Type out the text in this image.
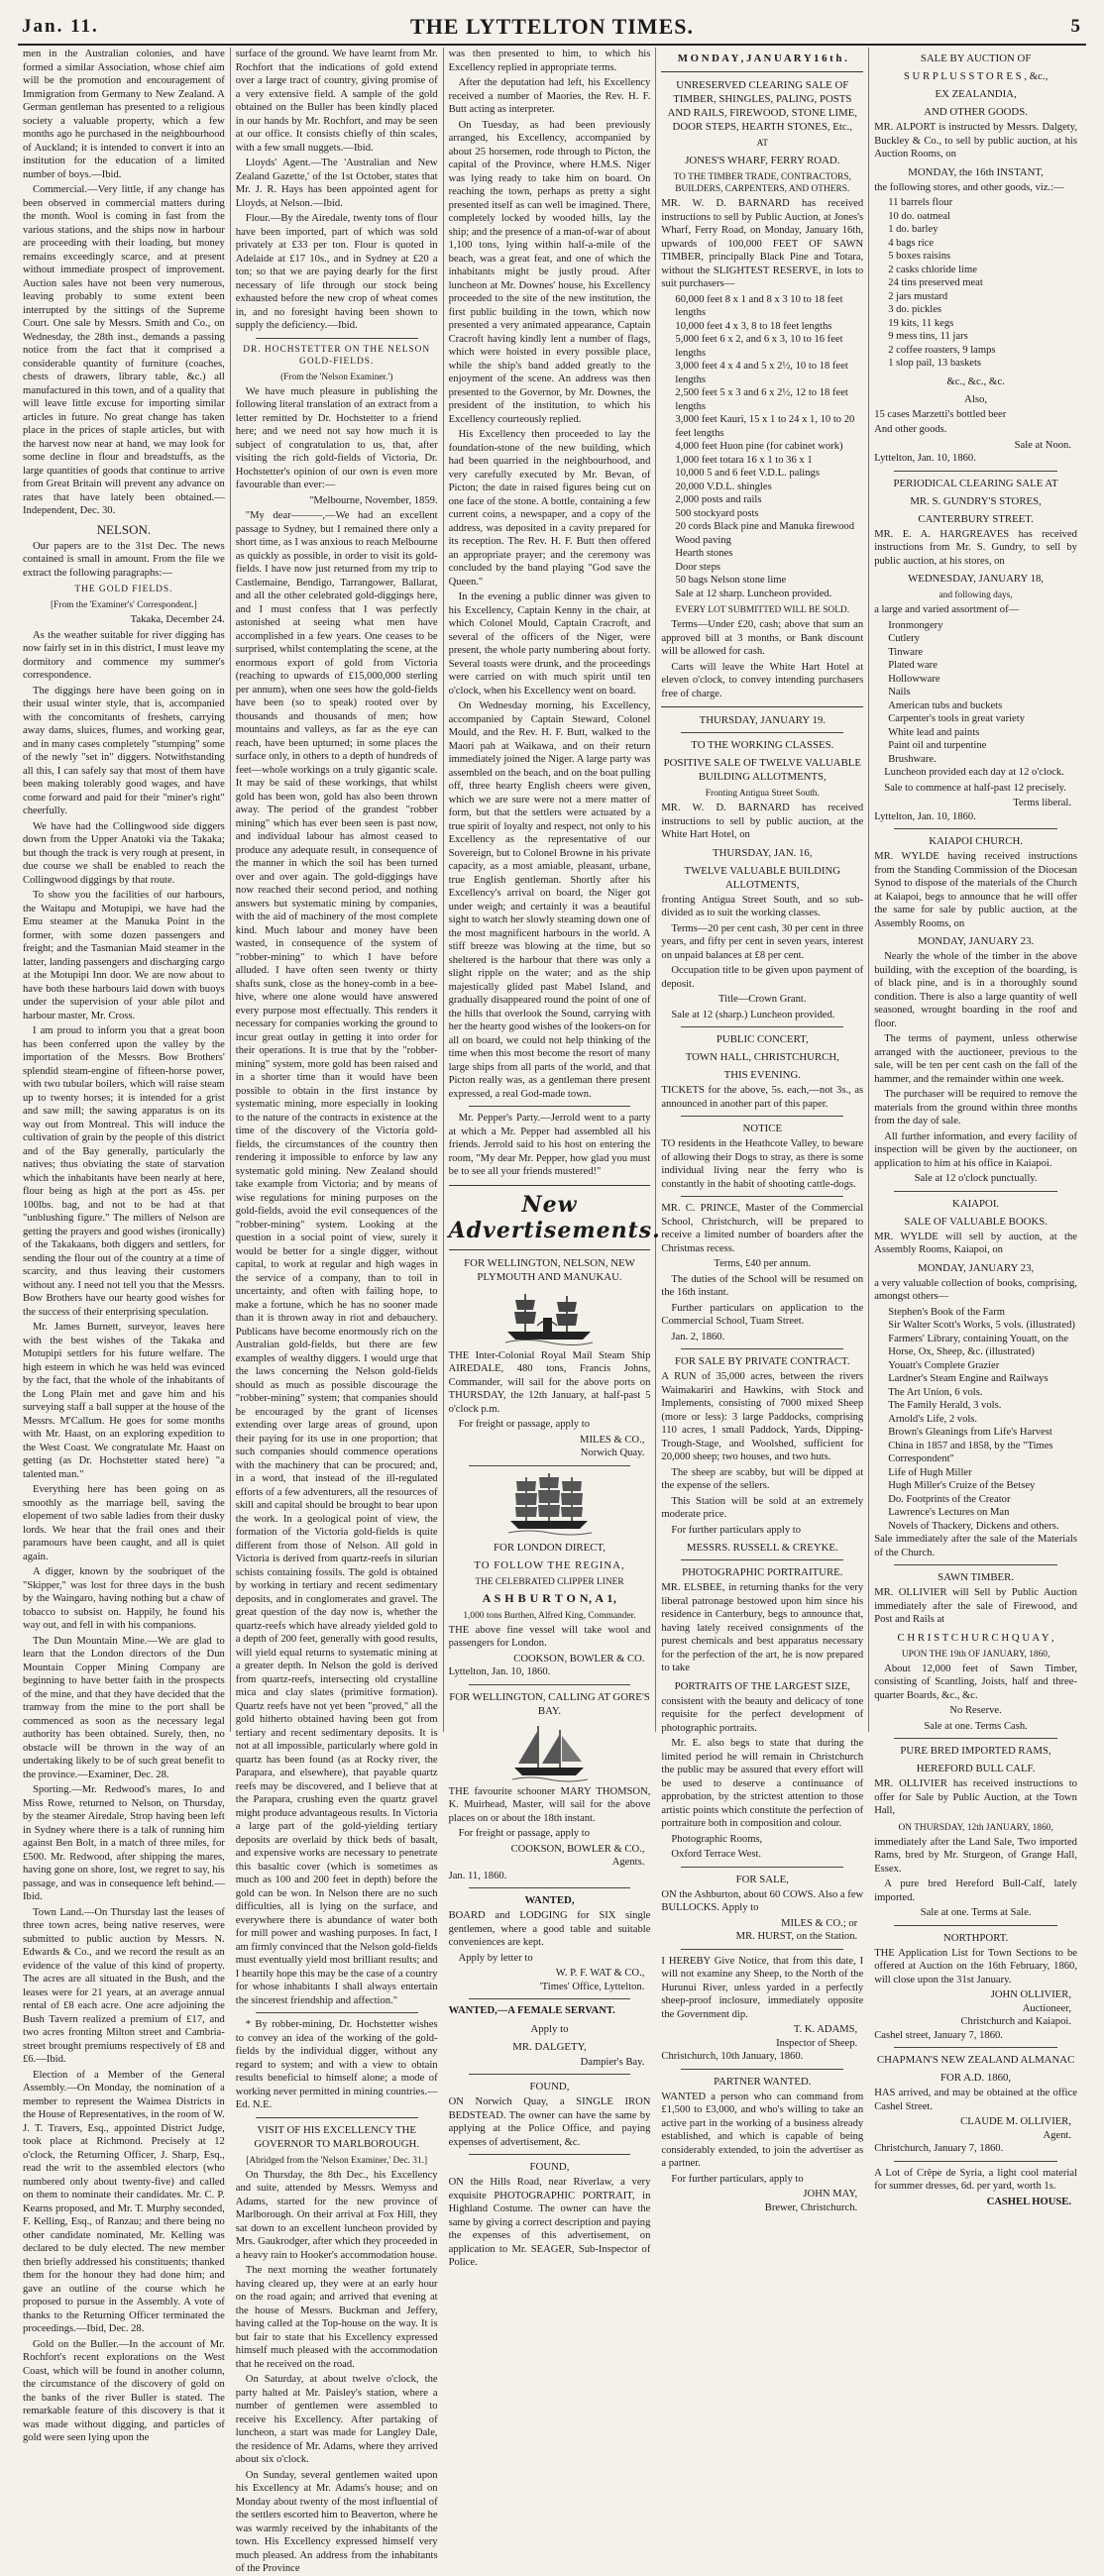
Jan. 11.	THE LYTTELTON TIMES.	5

men in the Australian colonies, and have formed a similar Association, whose chief aim will be the promotion and encouragement of Immigration from Germany to New Zealand. A German gentleman has presented to a religious society a valuable property, which a few months ago he purchased in the neighbourhood of Auckland; it is intended to convert it into an institution for the education of a limited number of boys.—Ibid.

Commercial.—Very little, if any change has been observed in commercial matters during the month. Wool is coming in fast from the various stations, and the ships now in harbour are proceeding with their loading, but money remains exceedingly scarce, and at present without immediate prospect of improvement. Auction sales have not been very numerous, leaving probably to some extent been interrupted by the sittings of the Supreme Court. One sale by Messrs. Smith and Co., on Wednesday, the 28th inst., demands a passing notice from the fact that it comprised a considerable quantity of furniture (coaches, chests of drawers, library table, &c.) all manufactured in this town, and of a quality that will leave little excuse for importing similar articles in future. No great change has taken place in the prices of staple articles, but with the harvest now near at hand, we may look for some decline in flour and breadstuffs, as the large quantities of goods that continue to arrive from Great Britain will prevent any advance on rates that have lately been obtained.—Independent, Dec. 30.

NELSON.

Our papers are to the 31st Dec. The news contained is small in amount. From the file we extract the following paragraphs:—

THE GOLD FIELDS.
[From the 'Examiner's' Correspondent.]

Takaka, December 24.

As the weather suitable for river digging has now fairly set in in this district, I must leave my dormitory and commence my summer's correspondence.

The diggings here have been going on in their usual winter style, that is, accompanied with the concomitants of freshets, carrying away dams, sluices, flumes, and working gear, and in many cases completely "stumping" some of the newly "set in" diggers. Notwithstanding all this, I can safely say that most of them have been making tolerably good wages, and have come forward and paid for their "miner's right" cheerfully.

We have had the Collingwood side diggers down from the Upper Anatoki via the Takaka; but though the track is very rough at present, in due course we shall be enabled to reach the Collingwood diggings by that route.

To show you the facilities of our harbours, the Waitapu and Motupipi, we have had the Emu steamer at the Manuka Point in the former, with some dozen passengers and freight; and the Tasmanian Maid steamer in the latter, landing passengers and discharging cargo at the Motupipi Inn door. We are now about to have both these harbours laid down with buoys under the supervision of your able pilot and harbour master, Mr. Cross.

I am proud to inform you that a great boon has been conferred upon the valley by the importation of the Messrs. Bow Brothers' splendid steam-engine of fifteen-horse power, with two tubular boilers, which will raise steam up to twenty horses; it is intended for a grist and saw mill; the sawing apparatus is on its way out from Montreal. This will induce the cultivation of grain by the people of this district and of the Bay generally, particularly the natives; thus obviating the state of starvation which the inhabitants have been nearly at here, flour being as high at the port as 45s. per 100lbs. bag, and not to be had at that "unblushing figure." The millers of Nelson are getting the prayers and good wishes (ironically) of the Takakaans, both diggers and settlers, for sending the flour out of the country at a time of scarcity, and thus leaving their customers without any. I need not tell you that the Messrs. Bow Brothers have our hearty good wishes for the success of their enterprising speculation.

Mr. James Burnett, surveyor, leaves here with the best wishes of the Takaka and Motupipi settlers for his future welfare. The high esteem in which he was held was evinced by the fact, that the whole of the inhabitants of the Long Plain met and gave him and his surveying staff a ball supper at the house of the Messrs. M'Callum. He goes for some months with Mr. Haast, on an exploring expedition to the West Coast. We congratulate Mr. Haast on getting (as Dr. Hochstetter stated here) "a talented man."

Everything here has been going on as smoothly as the marriage bell, saving the elopement of two sable ladies from their dusky lords. We hear that the frail ones and their paramours have been caught, and all is quiet again.

A digger, known by the soubriquet of the "Skipper," was lost for three days in the bush by the Waingaro, having nothing but a chaw of tobacco to subsist on. Happily, he found his way out, and fell in with his companions.

The Dun Mountain Mine.—We are glad to learn that the London directors of the Dun Mountain Copper Mining Company are beginning to have better faith in the prospects of the mine, and that they have decided that the tramway from the mine to the port shall be commenced as soon as the necessary legal authority has been obtained. Surely, then, no obstacle will be thrown in the way of an undertaking likely to be of such great benefit to the province.—Examiner, Dec. 28.

Sporting.—Mr. Redwood's mares, Io and Miss Rowe, returned to Nelson, on Thursday, by the steamer Airedale, Strop having been left in Sydney where there is a talk of running him against Ben Bolt, in a match of three miles, for £500. Mr. Redwood, after shipping the mares, having gone on shore, lost, we regret to say, his passage, and was in consequence left behind.—Ibid.

Town Land.—On Thursday last the leases of three town acres, being native reserves, were submitted to public auction by Messrs. N. Edwards & Co., and we record the result as an evidence of the value of this kind of property. The acres are all situated in the Bush, and the leases were for 21 years, at an average annual rental of £8 each acre. One acre adjoining the Bush Tavern realized a premium of £17, and two acres fronting Milton street and Cambria-street brought premiums respectively of £8 and £6.—Ibid.

Election of a Member of the General Assembly.—On Monday, the nomination of a member to represent the Waimea Districts in the House of Representatives, in the room of W. J. T. Travers, Esq., appointed District Judge, took place at Richmond. Precisely at 12 o'clock, the Returning Officer, J. Sharp, Esq., read the writ to the assembled electors (who numbered only about twenty-five) and called on them to nominate their candidates. Mr. C. P. Kearns proposed, and Mr. T. Murphy seconded, F. Kelling, Esq., of Ranzau; and there being no other candidate nominated, Mr. Kelling was declared to be duly elected. The new member then briefly addressed his constituents; thanked them for the honour they had done him; and gave an outline of the course which he proposed to pursue in the Assembly. A vote of thanks to the Returning Officer terminated the proceedings.—Ibid, Dec. 28.

Gold on the Buller.—In the account of Mr. Rochfort's recent explorations on the West Coast, which will be found in another column, the circumstance of the discovery of gold on the banks of the river Buller is stated. The remarkable feature of this discovery is that it was made without digging, and particles of gold were seen lying upon the

surface of the ground. We have learnt from Mr. Rochfort that the indications of gold extend over a large tract of country, giving promise of a very extensive field. A sample of the gold obtained on the Buller has been kindly placed in our hands by Mr. Rochfort, and may be seen at our office. It consists chiefly of thin scales, with a few small nuggets.—Ibid.

Lloyds' Agent.—The 'Australian and New Zealand Gazette,' of the 1st October, states that Mr. J. R. Hays has been appointed agent for Lloyds, at Nelson.—Ibid.

Flour.—By the Airedale, twenty tons of flour have been imported, part of which was sold privately at £33 per ton. Flour is quoted in Adelaide at £17 10s., and in Sydney at £20 a ton; so that we are paying dearly for the first necessary of life through our stock being exhausted before the new crop of wheat comes in, and no foresight having been shown to supply the deficiency.—Ibid.

DR. HOCHSTETTER ON THE NELSON GOLD-FIELDS.
(From the 'Nelson Examiner.')

We have much pleasure in publishing the following literal translation of an extract from a letter remitted by Dr. Hochstetter to a friend here; and we need not say how much it is subject of congratulation to us, that, after visiting the rich gold-fields of Victoria, Dr. Hochstetter's opinion of our own is even more favourable than ever:—

"Melbourne, November, 1859.

"My dear———,—We had an excellent passage to Sydney, but I remained there only a short time, as I was anxious to reach Melbourne as quickly as possible, in order to visit its gold-fields. I have now just returned from my trip to Castlemaine, Bendigo, Tarrangower, Ballarat, and all the other celebrated gold-diggings here, and I must confess that I was perfectly astonished at seeing what men have accomplished in a few years. One ceases to be surprised, whilst contemplating the scene, at the enormous export of gold from Victoria (reaching to upwards of £15,000,000 sterling per annum), when one sees how the gold-fields have been (so to speak) rooted over by thousands and thousands of men; how mountains and valleys, as far as the eye can reach, have been upturned; in some places the surface only, in others to a depth of hundreds of feet—whole workings on a truly gigantic scale. It may be said of these workings, that whilst gold has been won, gold has also been thrown away. The period of the grandest "robber mining" which has ever been seen is past now, and individual labour has almost ceased to produce any adequate result, in consequence of the manner in which the soil has been turned over and over again. The gold-diggings have now reached their second period, and nothing answers but systematic mining by companies, with the aid of machinery of the most complete kind. Much labour and money have been wasted, in consequence of the system of "robber-mining" to which I have before alluded. I have often seen twenty or thirty shafts sunk, close as the honey-comb in a bee-hive, where one alone would have answered every purpose most effectually. This renders it necessary for companies working the ground to incur great outlay in getting it into order for their operations. It is true that by the "robber-mining" system, more gold has been raised and in a shorter time than it would have been possible to obtain in the first instance by systematic mining, more especially in looking to the nature of the contracts in existence at the time of the discovery of the Victoria gold-fields, the circumstances of the country then rendering it impossible to enforce by law any systematic gold mining. New Zealand should take example from Victoria; and by means of wise regulations for mining purposes on the gold-fields, avoid the evil consequences of the "robber-mining" system. Looking at the question in a social point of view, surely it would be better for a single digger, without capital, to work at regular and high wages in the service of a company, than to toil in uncertainty, and often with failing hope, to make a fortune, which he has no sooner made than it is thrown away in riot and debauchery. Publicans have become enormously rich on the Australian gold-fields, but there are few examples of wealthy diggers. I would urge that the laws concerning the Nelson gold-fields should as much as possible discourage the "robber-mining" system; that companies should be encouraged by the grant of licenses extending over large areas of ground, upon their paying for its use in one proportion; that such companies should commence operations with the machinery that can be procured; and, in a word, that instead of the ill-regulated efforts of a few adventurers, all the resources of skill and capital should be brought to bear upon the work. In a geological point of view, the formation of the Victoria gold-fields is quite different from those of Nelson. All gold in Victoria is derived from quartz-reefs in silurian schists containing fossils. The gold is obtained by working in tertiary and recent sedimentary deposits, and in conglomerates and gravel. The great question of the day now is, whether the quartz-reefs which have already yielded gold to a depth of 200 feet, generally with good results, will yield equal returns to systematic mining at a greater depth. In Nelson the gold is derived from quartz-reefs, intersecting old crystalline mica and clay slates (primitive formation). Quartz reefs have not yet been "proved," all the gold hitherto obtained having been got from tertiary and recent sedimentary deposits. It is not at all impossible, particularly where gold in quartz has been found (as at Rocky river, the Parapara, and elsewhere), that payable quartz reefs may be discovered, and I believe that at the Parapara, crushing even the quartz gravel might produce advantageous results. In Victoria a large part of the gold-yielding tertiary deposits are overlaid by thick beds of basalt, and expensive works are necessary to penetrate this basaltic cover (which is sometimes as much as 100 and 200 feet in depth) before the gold can be won. In Nelson there are no such difficulties, all is lying on the surface, and everywhere there is abundance of water both for mill power and washing purposes. In fact, I am firmly convinced that the Nelson gold-fields must eventually yield most brilliant results; and I heartily hope this may be the case of a country for whose inhabitants I shall always entertain the sincerest friendship and affection."

* By robber-mining, Dr. Hochstetter wishes to convey an idea of the working of the gold-fields by the individual digger, without any regard to system; and with a view to obtain results beneficial to himself alone; a mode of working never permitted in mining countries.—Ed. N.E.

VISIT OF HIS EXCELLENCY THE GOVERNOR TO MARLBOROUGH.
[Abridged from the 'Nelson Examiner,' Dec. 31.]

On Thursday, the 8th Dec., his Excellency and suite, attended by Messrs. Wemyss and Adams, started for the new province of Marlborough. On their arrival at Fox Hill, they sat down to an excellent luncheon provided by Mrs. Gaukrodger, after which they proceeded in a heavy rain to Hooker's accommodation house.

The next morning the weather fortunately having cleared up, they were at an early hour on the road again; and arrived that evening at the house of Messrs. Buckman and Jeffery, having called at the Top-house on the way. It is but fair to state that his Excellency expressed himself much pleased with the accommodation that he received on the road.

On Saturday, at about twelve o'clock, the party halted at Mr. Paisley's station, where a number of gentlemen were assembled to receive his Excellency. After partaking of luncheon, a start was made for Langley Dale, the residence of Mr. Adams, where they arrived about six o'clock.

On Sunday, several gentlemen waited upon his Excellency at Mr. Adams's house; and on Monday about twenty of the most influential of the settlers escorted him to Beaverton, where he was warmly received by the inhabitants of the town. His Excellency expressed himself very much pleased. An address from the inhabitants of the Province

was then presented to him, to which his Excellency replied in appropriate terms.

After the deputation had left, his Excellency received a number of Maories, the Rev. H. F. Butt acting as interpreter.

On Tuesday, as had been previously arranged, his Excellency, accompanied by about 25 horsemen, rode through to Picton, the capital of the Province, where H.M.S. Niger was lying ready to take him on board. On reaching the town, perhaps as pretty a sight presented itself as can well be imagined. There, completely locked by wooded hills, lay the ship; and the presence of a man-of-war of about 1,100 tons, lying within half-a-mile of the beach, was a great feat, and one of which the inhabitants might be justly proud. After luncheon at Mr. Downes' house, his Excellency proceeded to the site of the new institution, the first public building in the town, which now presented a very animated appearance, Captain Cracroft having kindly lent a number of flags, which were hoisted in every possible place, while the ship's band added greatly to the enjoyment of the scene. An address was then presented to the Governor, by Mr. Downes, the president of the institution, to which his Excellency courteously replied.

His Excellency then proceeded to lay the foundation-stone of the new building, which had been quarried in the neighbourhood, and very carefully executed by Mr. Bevan, of Picton; the date in raised figures being cut on one face of the stone. A bottle, containing a few current coins, a newspaper, and a copy of the address, was deposited in a cavity prepared for its reception. The Rev. H. F. Butt then offered an appropriate prayer; and the ceremony was concluded by the band playing "God save the Queen."

In the evening a public dinner was given to his Excellency, Captain Kenny in the chair, at which Colonel Mould, Captain Cracroft, and several of the officers of the Niger, were present, the whole party numbering about forty. Several toasts were drunk, and the proceedings were carried on with much spirit until ten o'clock, when his Excellency went on board.

On Wednesday morning, his Excellency, accompanied by Captain Steward, Colonel Mould, and the Rev. H. F. Butt, walked to the Maori pah at Waikawa, and on their return immediately joined the Niger. A large party was assembled on the beach, and on the boat pulling off, three hearty English cheers were given, which we are sure were not a mere matter of form, but that the settlers were actuated by a true spirit of loyalty and respect, not only to his Excellency as the representative of our Sovereign, but to Colonel Browne in his private capacity, as a most amiable, pleasant, urbane, true English gentleman. Shortly after his Excellency's arrival on board, the Niger got under weigh; and certainly it was a beautiful sight to watch her slowly steaming down one of the most magnificent harbours in the world. A stiff breeze was blowing at the time, but so sheltered is the harbour that there was only a slight ripple on the water; and as the ship majestically glided past Mabel Island, and gradually disappeared round the point of one of the hills that overlook the Sound, carrying with her the hearty good wishes of the lookers-on for all on board, we could not help thinking of the time when this most become the resort of many large ships from all parts of the world, and that Picton really was, as a gentleman there present expressed, a real God-made town.

Mr. Pepper's Party.—Jerrold went to a party at which a Mr. Pepper had assembled all his friends. Jerrold said to his host on entering the room, "My dear Mr. Pepper, how glad you must be to see all your friends mustered!"

New Advertisements.
FOR WELLINGTON, NELSON, NEW PLYMOUTH AND MANUKAU.

THE Inter-Colonial Royal Mail Steam Ship AIREDALE, 480 tons, Francis Johns, Commander, will sail for the above ports on THURSDAY, the 12th January, at half-past 5 o'clock p.m.

For freight or passage, apply to

MILES & CO.,
Norwich Quay.
FOR LONDON DIRECT,
TO FOLLOW THE REGINA,
THE CELEBRATED CLIPPER LINER
A S H B U R T O N, A 1,
1,000 tons Burthen, Alfred King, Commander.

THE above fine vessel will take wool and passengers for London.

COOKSON, BOWLER & CO.

Lyttelton, Jan. 10, 1860.

FOR WELLINGTON, CALLING AT GORE'S BAY.

THE favourite schooner MARY THOMSON, K. Muirhead, Master, will sail for the above places on or about the 18th instant.

For freight or passage, apply to

COOKSON, BOWLER & CO.,
Agents.

Jan. 11, 1860.

WANTED,

BOARD and LODGING for SIX single gentlemen, where a good table and suitable conveniences are kept.

Apply by letter to

W. P. F. WAT & CO.,
'Times' Office, Lyttelton.

WANTED,—A FEMALE SERVANT.

Apply to
MR. DALGETY,
Dampier's Bay.
FOUND,

ON Norwich Quay, a SINGLE IRON BEDSTEAD. The owner can have the same by applying at the Police Office, and paying expenses of advertisement, &c.

FOUND,

ON the Hills Road, near Riverlaw, a very exquisite PHOTOGRAPHIC PORTRAIT, in Highland Costume. The owner can have the same by giving a correct description and paying the expenses of this advertisement, on application to Mr. SEAGER, Sub-Inspector of Police.

M O N D A Y , J A N U A R Y 1 6 t h .
UNRESERVED CLEARING SALE OF TIMBER, SHINGLES, PALING, POSTS AND RAILS, FIREWOOD, STONE LIME, DOOR STEPS, HEARTH STONES, Etc.,
AT
JONES'S WHARF, FERRY ROAD.
TO THE TIMBER TRADE, CONTRACTORS, BUILDERS, CARPENTERS, AND OTHERS.

MR. W. D. BARNARD has received instructions to sell by Public Auction, at Jones's Wharf, Ferry Road, on Monday, January 16th, upwards of 100,000 FEET OF SAWN TIMBER, principally Black Pine and Totara, without the SLIGHTEST RESERVE, in lots to suit purchasers—

60,000 feet 8 x 1 and 8 x 3 10 to 18 feet lengths
10,000 feet 4 x 3, 8 to 18 feet lengths
5,000 feet 6 x 2, and 6 x 3, 10 to 16 feet lengths
3,000 feet 4 x 4 and 5 x 2½, 10 to 18 feet lengths
2,500 feet 5 x 3 and 6 x 2½, 12 to 18 feet lengths
3,000 feet Kauri, 15 x 1 to 24 x 1, 10 to 20 feet lengths
4,000 feet Huon pine (for cabinet work)
1,000 feet totara 16 x 1 to 36 x 1
10,000 5 and 6 feet V.D.L. palings
20,000 V.D.L. shingles
2,000 posts and rails
500 stockyard posts
20 cords Black pine and Manuka firewood
Wood paving
Hearth stones
Door steps
50 bags Nelson stone lime
Sale at 12 sharp. Luncheon provided.
EVERY LOT SUBMITTED WILL BE SOLD.

Terms—Under £20, cash; above that sum an approved bill at 3 months, or Bank discount will be allowed for cash.

Carts will leave the White Hart Hotel at eleven o'clock, to convey intending purchasers free of charge.

THURSDAY, JANUARY 19.
TO THE WORKING CLASSES.
POSITIVE SALE OF TWELVE VALUABLE BUILDING ALLOTMENTS,
Fronting Antigua Street South.

MR. W. D. BARNARD has received instructions to sell by public auction, at the White Hart Hotel, on

THURSDAY, JAN. 16,
TWELVE VALUABLE BUILDING ALLOTMENTS,

fronting Antigua Street South, and so sub-divided as to suit the working classes.

Terms—20 per cent cash, 30 per cent in three years, and fifty per cent in seven years, interest on unpaid balances at £8 per cent.

Occupation title to be given upon payment of deposit.

Title—Crown Grant.

Sale at 12 (sharp.) Luncheon provided.

PUBLIC CONCERT,
TOWN HALL, CHRISTCHURCH,
THIS EVENING.

TICKETS for the above, 5s. each,—not 3s., as announced in another part of this paper.

NOTICE

TO residents in the Heathcote Valley, to beware of allowing their Dogs to stray, as there is some individual living near the ferry who is constantly in the habit of shooting cattle-dogs.

MR. C. PRINCE, Master of the Commercial School, Christchurch, will be prepared to receive a limited number of boarders after the Christmas recess.

Terms, £40 per annum.

The duties of the School will be resumed on the 16th instant.

Further particulars on application to the Commercial School, Tuam Street.

Jan. 2, 1860.

FOR SALE BY PRIVATE CONTRACT.

A RUN of 35,000 acres, between the rivers Waimakariri and Hawkins, with Stock and Implements, consisting of 7000 mixed Sheep (more or less): 3 large Paddocks, comprising 110 acres, 1 small Paddock, Yards, Dipping-Trough-Stage, and Woolshed, sufficient for 20,000 sheep; two houses, and two huts.

The sheep are scabby, but will be dipped at the expense of the sellers.

This Station will be sold at an extremely moderate price.

For further particulars apply to

MESSRS. RUSSELL & CREYKE.
PHOTOGRAPHIC PORTRAITURE.

MR. ELSBEE, in returning thanks for the very liberal patronage bestowed upon him since his residence in Canterbury, begs to announce that, having lately received consignments of the purest chemicals and best apparatus necessary for the perfection of the art, he is now prepared to take

PORTRAITS OF THE LARGEST SIZE,

consistent with the beauty and delicacy of tone requisite for the perfect development of photographic portraits.

Mr. E. also begs to state that during the limited period he will remain in Christchurch the public may be assured that every effort will be used to deserve a continuance of approbation, by the strictest attention to those artistic points which constitute the perfection of portraiture both in composition and colour.

Photographic Rooms,

Oxford Terrace West.

FOR SALE,

ON the Ashburton, about 60 COWS. Also a few BULLOCKS. Apply to

MILES & CO.; or
MR. HURST, on the Station.

I HEREBY Give Notice, that from this date, I will not examine any Sheep, to the North of the Hurunui River, unless yarded in a perfectly sheep-proof inclosure, immediately opposite the Government dip.

T. K. ADAMS,
Inspector of Sheep.

Christchurch, 10th January, 1860.

PARTNER WANTED.

WANTED a person who can command from £1,500 to £3,000, and who's willing to take an active part in the working of a business already established, and which is capable of being considerably extended, to join the advertiser as a partner.

For further particulars, apply to

JOHN MAY,
Brewer, Christchurch.
SALE BY AUCTION OF
S U R P L U S S T O R E S , &c.,
EX ZEALANDIA,
AND OTHER GOODS.

MR. ALPORT is instructed by Messrs. Dalgety, Buckley & Co., to sell by public auction, at his Auction Rooms, on

MONDAY, the 16th INSTANT,

the following stores, and other goods, viz.:—

11 barrels flour
10 do. oatmeal
1 do. barley
4 bags rice
5 boxes raisins
2 casks chloride lime
24 tins preserved meat
2 jars mustard
3 do. pickles
19 kits, 11 kegs
9 mess tins, 11 jars
2 coffee roasters, 9 lamps
1 slop pail, 13 baskets
&c., &c., &c.
Also,

15 cases Marzetti's bottled beer

And other goods.

Sale at Noon.

Lyttelton, Jan. 10, 1860.

PERIODICAL CLEARING SALE AT
MR. S. GUNDRY'S STORES,
CANTERBURY STREET.

MR. E. A. HARGREAVES has received instructions from Mr. S. Gundry, to sell by public auction, at his stores, on

WEDNESDAY, JANUARY 18,
and following days,

a large and varied assortment of—

Ironmongery
Cutlery
Tinware
Plated ware
Hollowware
Nails
American tubs and buckets
Carpenter's tools in great variety
White lead and paints
Paint oil and turpentine
Brushware.

Luncheon provided each day at 12 o'clock.

Sale to commence at half-past 12 precisely.

Terms liberal.

Lyttelton, Jan. 10, 1860.

KAIAPOI CHURCH.

MR. WYLDE having received instructions from the Standing Commission of the Diocesan Synod to dispose of the materials of the Church at Kaiapoi, begs to announce that he will offer the same for sale by public auction, at the Assembly Rooms, on

MONDAY, JANUARY 23.

Nearly the whole of the timber in the above building, with the exception of the boarding, is of black pine, and is in a thoroughly sound condition. There is also a large quantity of well seasoned, wrought boarding in the roof and floor.

The terms of payment, unless otherwise arranged with the auctioneer, previous to the sale, will be ten per cent cash on the fall of the hammer, and the remainder within one week.

The purchaser will be required to remove the materials from the ground within three months from the day of sale.

All further information, and every facility of inspection will be given by the auctioneer, on application to him at his office in Kaiapoi.

Sale at 12 o'clock punctually.

KAIAPOI.
SALE OF VALUABLE BOOKS.

MR. WYLDE will sell by auction, at the Assembly Rooms, Kaiapoi, on

MONDAY, JANUARY 23,

a very valuable collection of books, comprising, amongst others—

Stephen's Book of the Farm
Sir Walter Scott's Works, 5 vols. (illustrated)
Farmers' Library, containing Youatt, on the Horse, Ox, Sheep, &c. (illustrated)
Youatt's Complete Grazier
Lardner's Steam Engine and Railways
The Art Union, 6 vols.
The Family Herald, 3 vols.
Arnold's Life, 2 vols.
Brown's Gleanings from Life's Harvest
China in 1857 and 1858, by the "Times Correspondent"
Life of Hugh Miller
Hugh Miller's Cruize of the Betsey
Do. Footprints of the Creator
Lawrence's Lectures on Man
Novels of Thackery, Dickens and others.

Sale immediately after the sale of the Materials of the Church.

SAWN TIMBER.

MR. OLLIVIER will Sell by Public Auction immediately after the sale of Firewood, and Post and Rails at

C H R I S T C H U R C H Q U A Y ,
UPON THE 19th OF JANUARY, 1860,

About 12,000 feet of Sawn Timber, consisting of Scantling, Joists, half and three-quarter Boards, &c., &c.

No Reserve.

Sale at one. Terms Cash.

PURE BRED IMPORTED RAMS,
HEREFORD BULL CALF.

MR. OLLIVIER has received instructions to offer for Sale by Public Auction, at the Town Hall,

ON THURSDAY, 12th JANUARY, 1860,

immediately after the Land Sale, Two imported Rams, bred by Mr. Sturgeon, of Grange Hall, Essex.

A pure bred Hereford Bull-Calf, lately imported.

Sale at one. Terms at Sale.

NORTHPORT.

THE Application List for Town Sections to be offered at Auction on the 16th February, 1860, will close upon the 31st January.

JOHN OLLIVIER,
Auctioneer,
Christchurch and Kaiapoi.

Cashel street, January 7, 1860.

CHAPMAN'S NEW ZEALAND ALMANAC
FOR A.D. 1860,

HAS arrived, and may be obtained at the office Cashel Street.

CLAUDE M. OLLIVIER,
Agent.

Christchurch, January 7, 1860.

A Lot of Crêpe de Syria, a light cool material for summer dresses, 6d. per yard, worth 1s.

CASHEL HOUSE.
